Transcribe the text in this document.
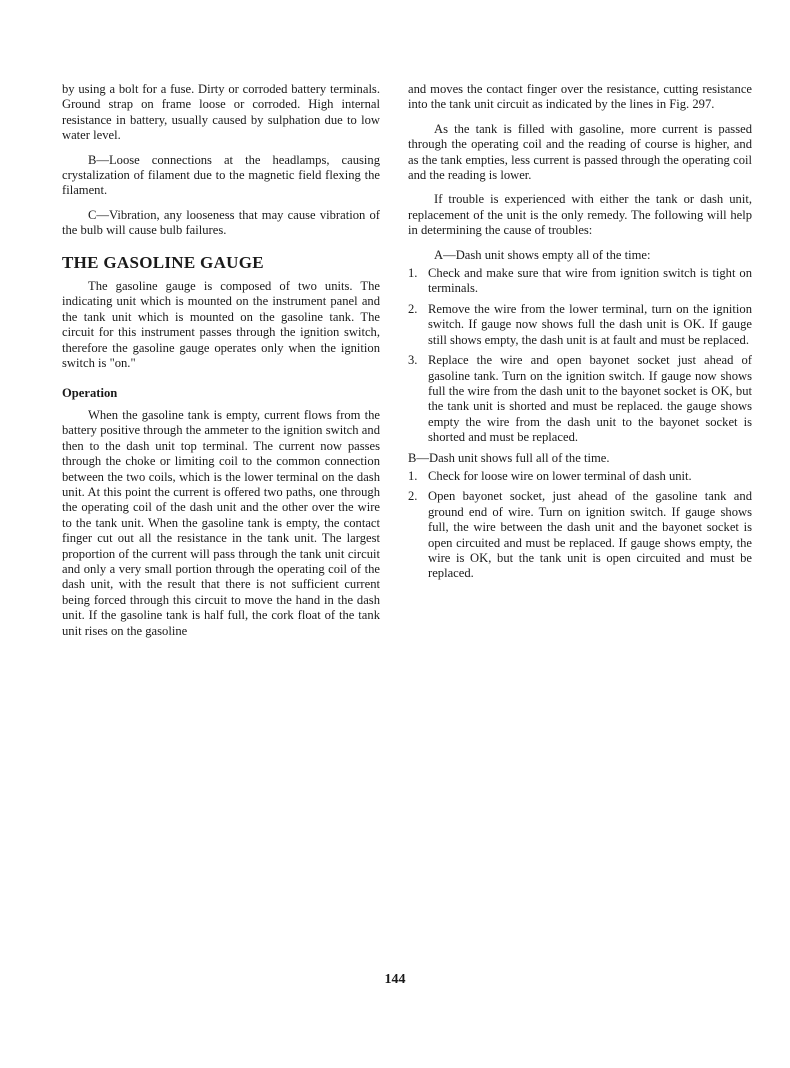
by using a bolt for a fuse. Dirty or corroded battery terminals. Ground strap on frame loose or corroded. High internal resistance in battery, usually caused by sulphation due to low water level.

B—Loose connections at the headlamps, causing crystalization of filament due to the magnetic field flexing the filament.

C—Vibration, any looseness that may cause vibration of the bulb will cause bulb failures.

THE GASOLINE GAUGE

The gasoline gauge is composed of two units. The indicating unit which is mounted on the instrument panel and the tank unit which is mounted on the gasoline tank. The circuit for this instrument passes through the ignition switch, therefore the gasoline gauge operates only when the ignition switch is "on."

Operation

When the gasoline tank is empty, current flows from the battery positive through the ammeter to the ignition switch and then to the dash unit top terminal. The current now passes through the choke or limiting coil to the common connection between the two coils, which is the lower terminal on the dash unit. At this point the current is offered two paths, one through the operating coil of the dash unit and the other over the wire to the tank unit. When the gasoline tank is empty, the contact finger cut out all the resistance in the tank unit. The largest proportion of the current will pass through the tank unit circuit and only a very small portion through the operating coil of the dash unit, with the result that there is not sufficient current being forced through this circuit to move the hand in the dash unit. If the gasoline tank is half full, the cork float of the tank unit rises on the gasoline

and moves the contact finger over the resistance, cutting resistance into the tank unit circuit as indicated by the lines in Fig. 297.

As the tank is filled with gasoline, more current is passed through the operating coil and the reading of course is higher, and as the tank empties, less current is passed through the operating coil and the reading is lower.

If trouble is experienced with either the tank or dash unit, replacement of the unit is the only remedy. The following will help in determining the cause of troubles:

A—Dash unit shows empty all of the time:

1. Check and make sure that wire from ignition switch is tight on terminals.
2. Remove the wire from the lower terminal, turn on the ignition switch. If gauge now shows full the dash unit is OK. If gauge still shows empty, the dash unit is at fault and must be replaced.
3. Replace the wire and open bayonet socket just ahead of gasoline tank. Turn on the ignition switch. If gauge now shows full the wire from the dash unit to the bayonet socket is OK, but the tank unit is shorted and must be replaced. the gauge shows empty the wire from the dash unit to the bayonet socket is shorted and must be replaced.

B—Dash unit shows full all of the time.

1. Check for loose wire on lower terminal of dash unit.
2. Open bayonet socket, just ahead of the gasoline tank and ground end of wire. Turn on ignition switch. If gauge shows full, the wire between the dash unit and the bayonet socket is open circuited and must be replaced. If gauge shows empty, the wire is OK, but the tank unit is open circuited and must be replaced.
144
